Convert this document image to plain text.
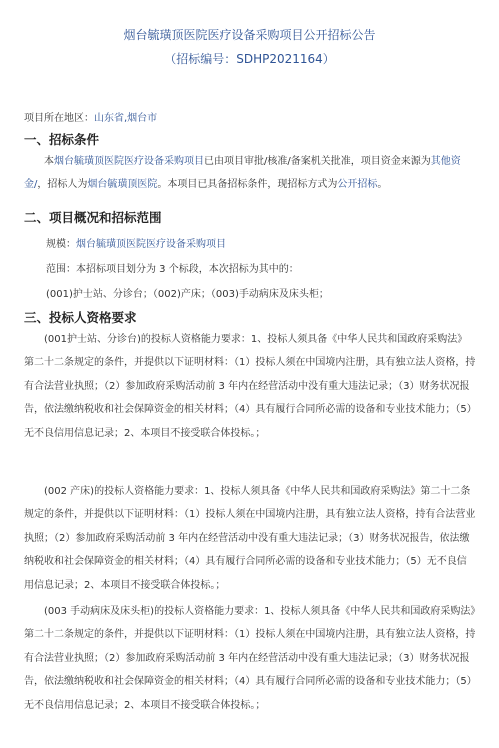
烟台毓璜顶医院医疗设备采购项目公开招标公告
（招标编号：SDHP2021164）
项目所在地区：山东省,烟台市
一、招标条件
本烟台毓璜顶医院医疗设备采购项目已由项目审批/核准/备案机关批准，项目资金来源为其他资金/，招标人为烟台毓璜顶医院。本项目已具备招标条件，现招标方式为公开招标。
二、项目概况和招标范围
规模：烟台毓璜顶医院医疗设备采购项目
范围：本招标项目划分为 3 个标段，本次招标为其中的：
(001)护士站、分诊台；（002)产床；（003)手动病床及床头柜；
三、投标人资格要求
(001护士站、分诊台)的投标人资格能力要求：1、投标人须具备《中华人民共和国政府采购法》第二十二条规定的条件，并提供以下证明材料：（1）投标人须在中国境内注册，具有独立法人资格，持有合法营业执照；（2）参加政府采购活动前 3 年内在经营活动中没有重大违法记录；（3）财务状况报告，依法缴纳税收和社会保障资金的相关材料；（4）具有履行合同所必需的设备和专业技术能力；（5）无不良信用信息记录；2、本项目不接受联合体投标。；
(002 产床)的投标人资格能力要求：1、投标人须具备《中华人民共和国政府采购法》第二十二条规定的条件，并提供以下证明材料：（1）投标人须在中国境内注册，具有独立法人资格，持有合法营业执照；（2）参加政府采购活动前 3 年内在经营活动中没有重大违法记录；（3）财务状况报告，依法缴纳税收和社会保障资金的相关材料；（4）具有履行合同所必需的设备和专业技术能力；（5）无不良信用信息记录；2、本项目不接受联合体投标。；
(003 手动病床及床头柜)的投标人资格能力要求：1、投标人须具备《中华人民共和国政府采购法》第二十二条规定的条件，并提供以下证明材料：（1）投标人须在中国境内注册，具有独立法人资格，持有合法营业执照；（2）参加政府采购活动前 3 年内在经营活动中没有重大违法记录；（3）财务状况报告，依法缴纳税收和社会保障资金的相关材料；（4）具有履行合同所必需的设备和专业技术能力；（5）无不良信用信息记录；2、本项目不接受联合体投标。；
